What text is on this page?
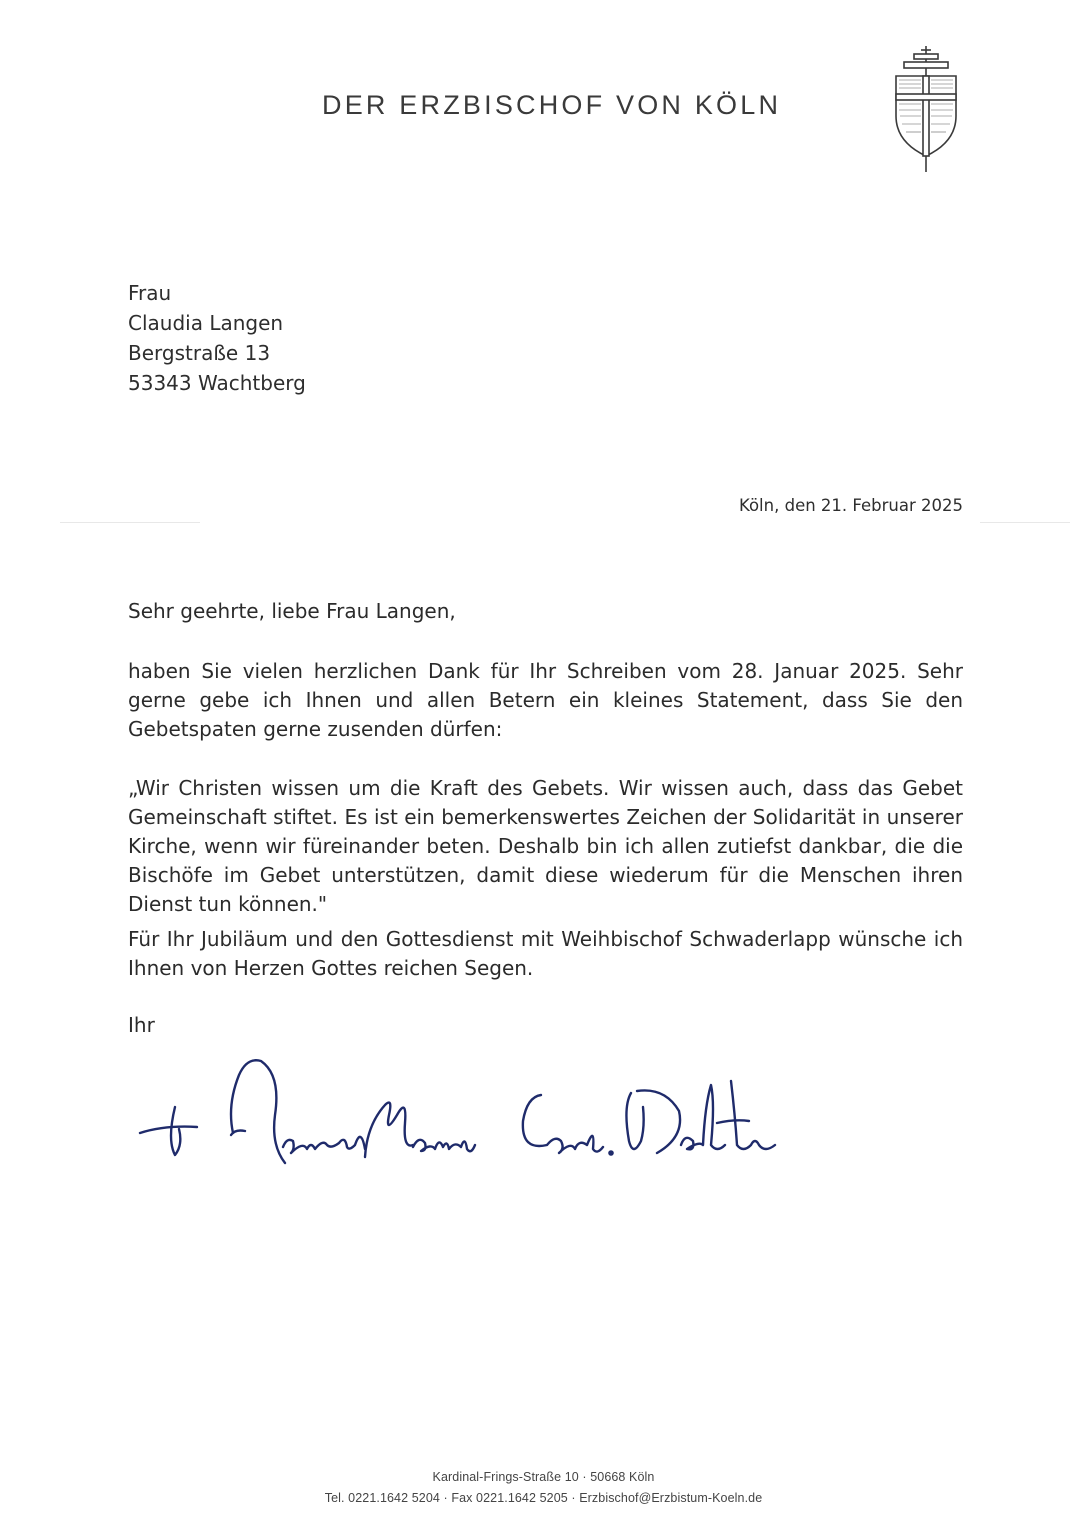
DER ERZBISCHOF VON KÖLN
Frau
Claudia Langen
Bergstraße 13
53343 Wachtberg
Köln, den 21. Februar 2025

Sehr geehrte, liebe Frau Langen,

haben Sie vielen herzlichen Dank für Ihr Schreiben vom 28. Januar 2025. Sehr gerne gebe ich Ihnen und allen Betern ein kleines Statement, dass Sie den Gebetspaten gerne zusenden dürfen:

„Wir Christen wissen um die Kraft des Gebets. Wir wissen auch, dass das Gebet Gemeinschaft stiftet. Es ist ein bemerkenswertes Zeichen der Solidarität in unserer Kirche, wenn wir füreinander beten. Deshalb bin ich allen zutiefst dankbar, die die Bischöfe im Gebet unterstützen, damit diese wiederum für die Menschen ihren Dienst tun können."

Für Ihr Jubiläum und den Gottesdienst mit Weihbischof Schwaderlapp wünsche ich Ihnen von Herzen Gottes reichen Segen.

Ihr

Kardinal-Frings-Straße 10 · 50668 Köln
Tel. 0221.1642 5204 · Fax 0221.1642 5205 · Erzbischof@Erzbistum-Koeln.de
